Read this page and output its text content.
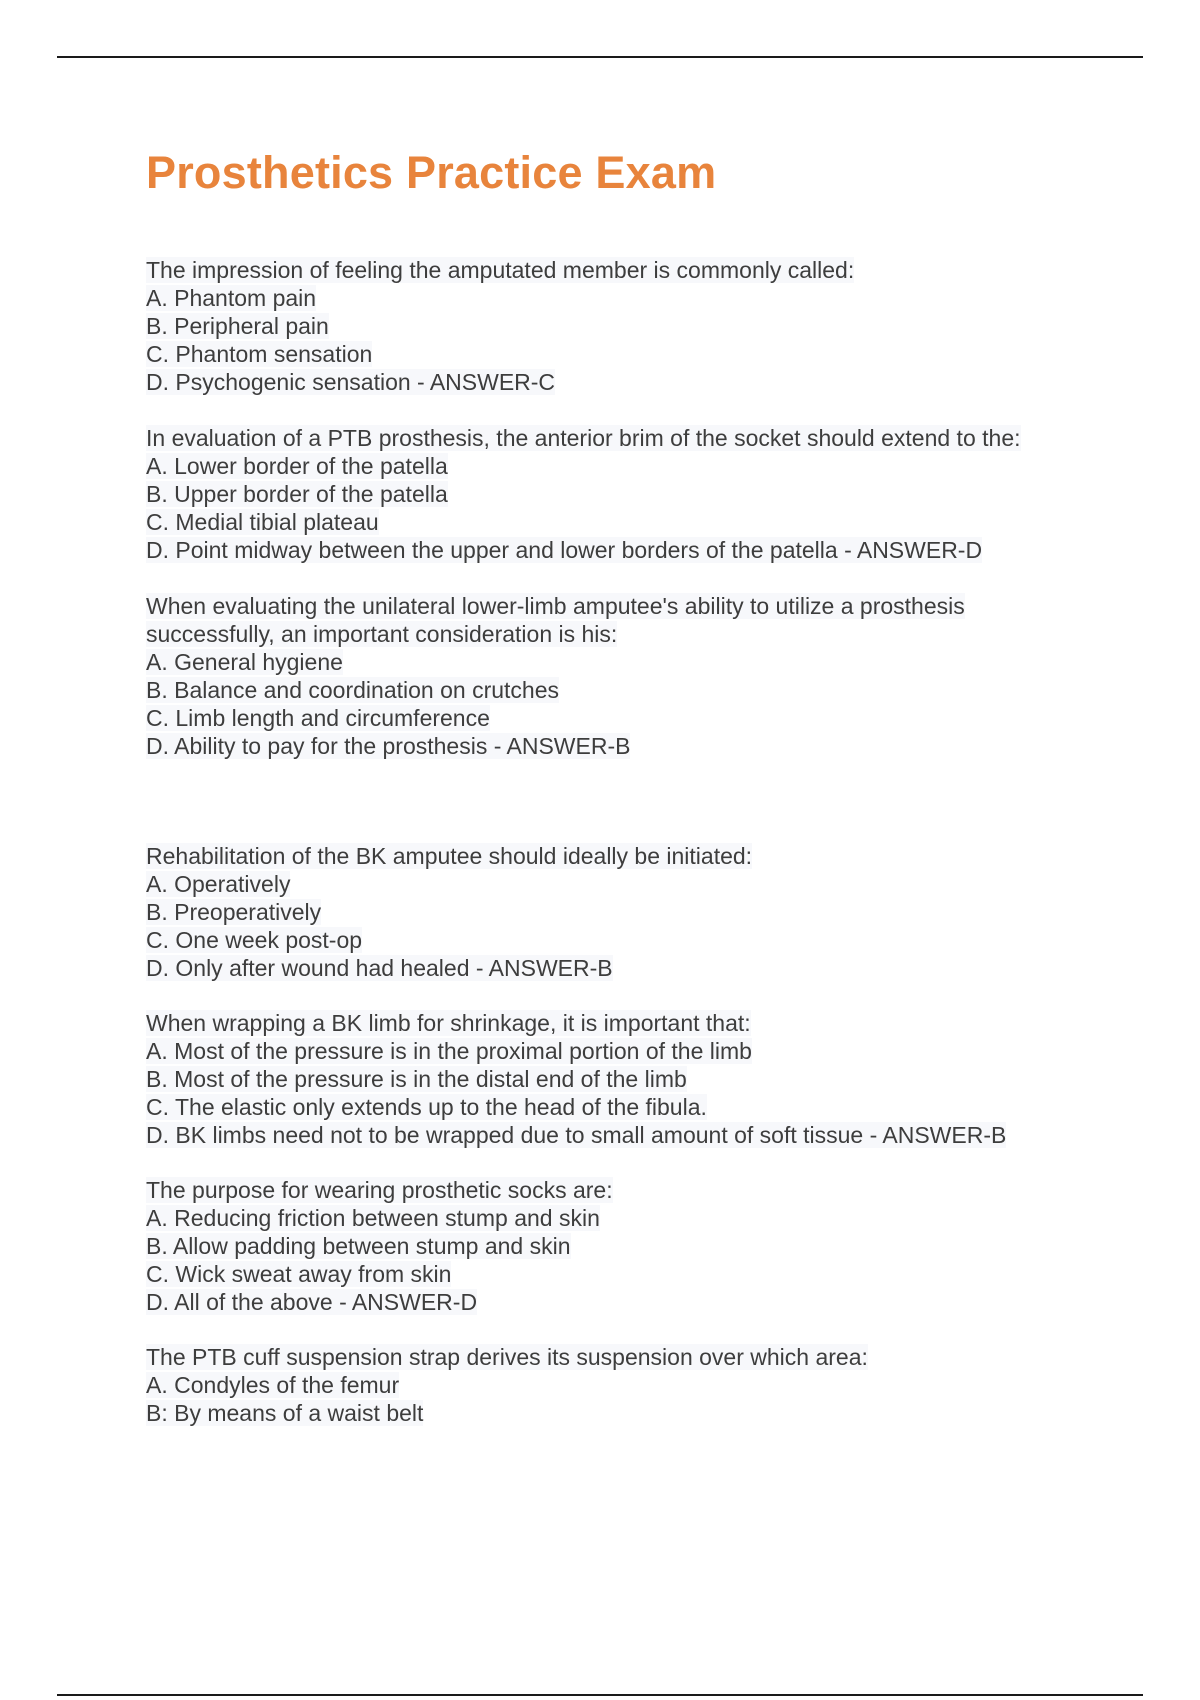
Prosthetics Practice Exam
The impression of feeling the amputated member is commonly called:
A. Phantom pain
B. Peripheral pain
C. Phantom sensation
D. Psychogenic sensation - ANSWER-C
In evaluation of a PTB prosthesis, the anterior brim of the socket should extend to the:
A. Lower border of the patella
B. Upper border of the patella
C. Medial tibial plateau
D. Point midway between the upper and lower borders of the patella - ANSWER-D
When evaluating the unilateral lower-limb amputee's ability to utilize a prosthesis
successfully, an important consideration is his:
A. General hygiene
B. Balance and coordination on crutches
C. Limb length and circumference
D. Ability to pay for the prosthesis - ANSWER-B
Rehabilitation of the BK amputee should ideally be initiated:
A. Operatively
B. Preoperatively
C. One week post-op
D. Only after wound had healed - ANSWER-B
When wrapping a BK limb for shrinkage, it is important that:
A. Most of the pressure is in the proximal portion of the limb
B. Most of the pressure is in the distal end of the limb
C. The elastic only extends up to the head of the fibula.
D. BK limbs need not to be wrapped due to small amount of soft tissue - ANSWER-B
The purpose for wearing prosthetic socks are:
A. Reducing friction between stump and skin
B. Allow padding between stump and skin
C. Wick sweat away from skin
D. All of the above - ANSWER-D
The PTB cuff suspension strap derives its suspension over which area:
A. Condyles of the femur
B: By means of a waist belt
